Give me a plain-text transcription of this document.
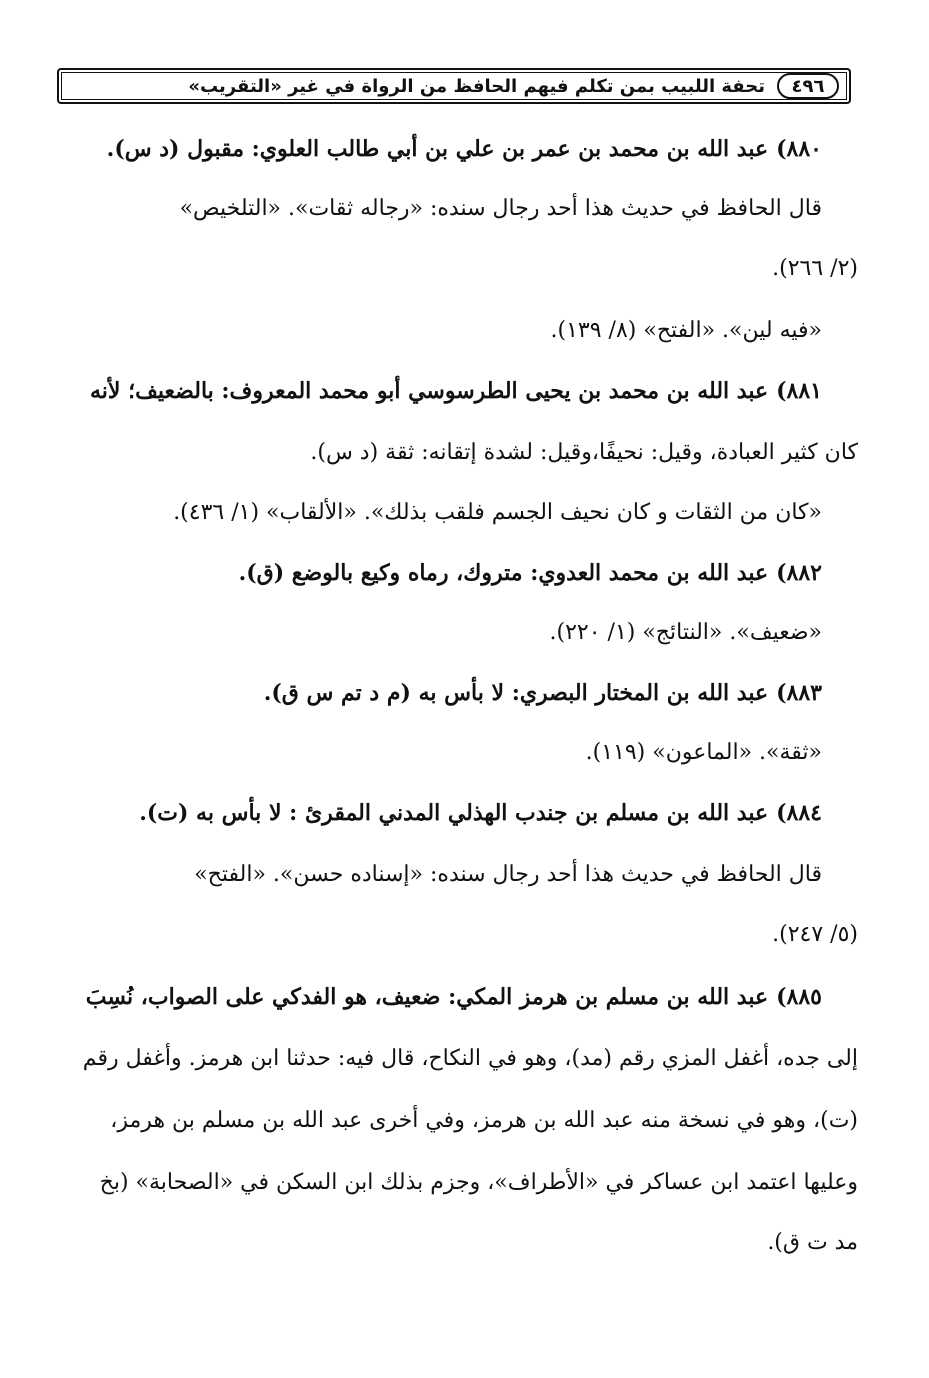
٤٩٦
تحفة اللبيب بمن تكلم فيهم الحافظ من الرواة في غير «التقريب»
٨٨٠)عبد الله بن محمد بن عمر بن علي بن أبي طالب العلوي: مقبول (د س).
قال الحافظ في حديث هذا أحد رجال سنده: «رجاله ثقات». «التلخيص»
(٢/ ٢٦٦).
«فيه لين». «الفتح» (٨/ ١٣٩).
٨٨١)عبد الله بن محمد بن يحيى الطرسوسي أبو محمد المعروف: بالضعيف؛ لأنه
كان كثير العبادة، وقيل: نحيفًا،وقيل: لشدة إتقانه: ثقة (د س).
«كان من الثقات و كان نحيف الجسم فلقب بذلك». «الألقاب» (١/ ٤٣٦).
٨٨٢)عبد الله بن محمد العدوي: متروك، رماه وكيع بالوضع (ق).
«ضعيف». «النتائج» (١/ ٢٢٠).
٨٨٣)عبد الله بن المختار البصري: لا بأس به (م د تم س ق).
«ثقة». «الماعون» (١١٩).
٨٨٤)عبد الله بن مسلم بن جندب الهذلي المدني المقرئ : لا بأس به (ت).
قال الحافظ في حديث هذا أحد رجال سنده: «إسناده حسن». «الفتح»
(٥/ ٢٤٧).
٨٨٥)عبد الله بن مسلم بن هرمز المكي: ضعيف، هو الفدكي على الصواب، نُسِبَ
إلى جده، أغفل المزي رقم (مد)، وهو في النكاح، قال فيه: حدثنا ابن هرمز. وأغفل رقم
(ت)، وهو في نسخة منه عبد الله بن هرمز، وفي أخرى عبد الله بن مسلم بن هرمز،
وعليها اعتمد ابن عساكر في «الأطراف»، وجزم بذلك ابن السكن في «الصحابة» (بخ
مد ت ق).
